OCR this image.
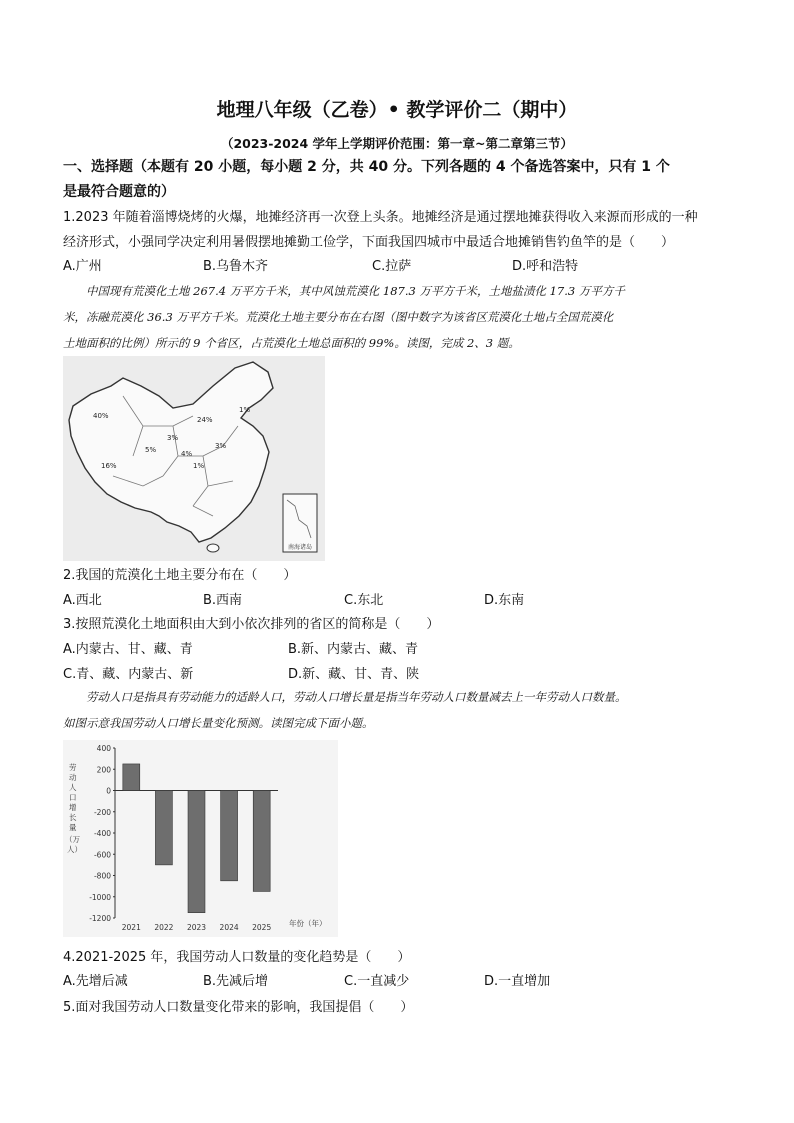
地理八年级（乙卷）• 教学评价二（期中）
（2023-2024 学年上学期评价范围：第一章~第二章第三节）
一、选择题（本题有 20 小题，每小题 2 分，共 40 分。下列各题的 4 个备选答案中，只有 1 个
是最符合题意的）
1.2023 年随着淄博烧烤的火爆，地摊经济再一次登上头条。地摊经济是通过摆地摊获得收入来源而形成的一种
经济形式，小强同学决定利用暑假摆地摊勤工俭学，下面我国四城市中最适合地摊销售钓鱼竿的是（　　）
A.广州	B.乌鲁木齐	C.拉萨	D.呼和浩特
中国现有荒漠化土地 267.4 万平方千米，其中风蚀荒漠化 187.3 万平方千米，土地盐渍化 17.3 万平方千
米，冻融荒漠化 36.3 万平方千米。荒漠化土地主要分布在右图（图中数字为该省区荒漠化土地占全国荒漠化
土地面积的比例）所示的 9 个省区，占荒漠化土地总面积的 99%。读图，完成 2、3 题。
南海诸岛
40%	24%
16%
5%
3%
4%
1%
3%
1%
2.我国的荒漠化土地主要分布在（　　）
A.西北	B.西南	C.东北	D.东南
3.按照荒漠化土地面积由大到小依次排列的省区的简称是（　　）
A.内蒙古、甘、藏、青	B.新、内蒙古、藏、青
C.青、藏、内蒙古、新	D.新、藏、甘、青、陕
劳动人口是指具有劳动能力的适龄人口，劳动人口增长量是指当年劳动人口数量减去上一年劳动人口数量。
如图示意我国劳动人口增长量变化预测。读图完成下面小题。
400
200
0
-200
-400
-600
-800
-1000
-1200
2021 2022 2023 2024 2025
劳动人口增长量（万人）
年份（年）
4.2021-2025 年，我国劳动人口数量的变化趋势是（　　）
A.先增后减	B.先减后增	C.一直减少	D.一直增加
5.面对我国劳动人口数量变化带来的影响，我国提倡（　　）
